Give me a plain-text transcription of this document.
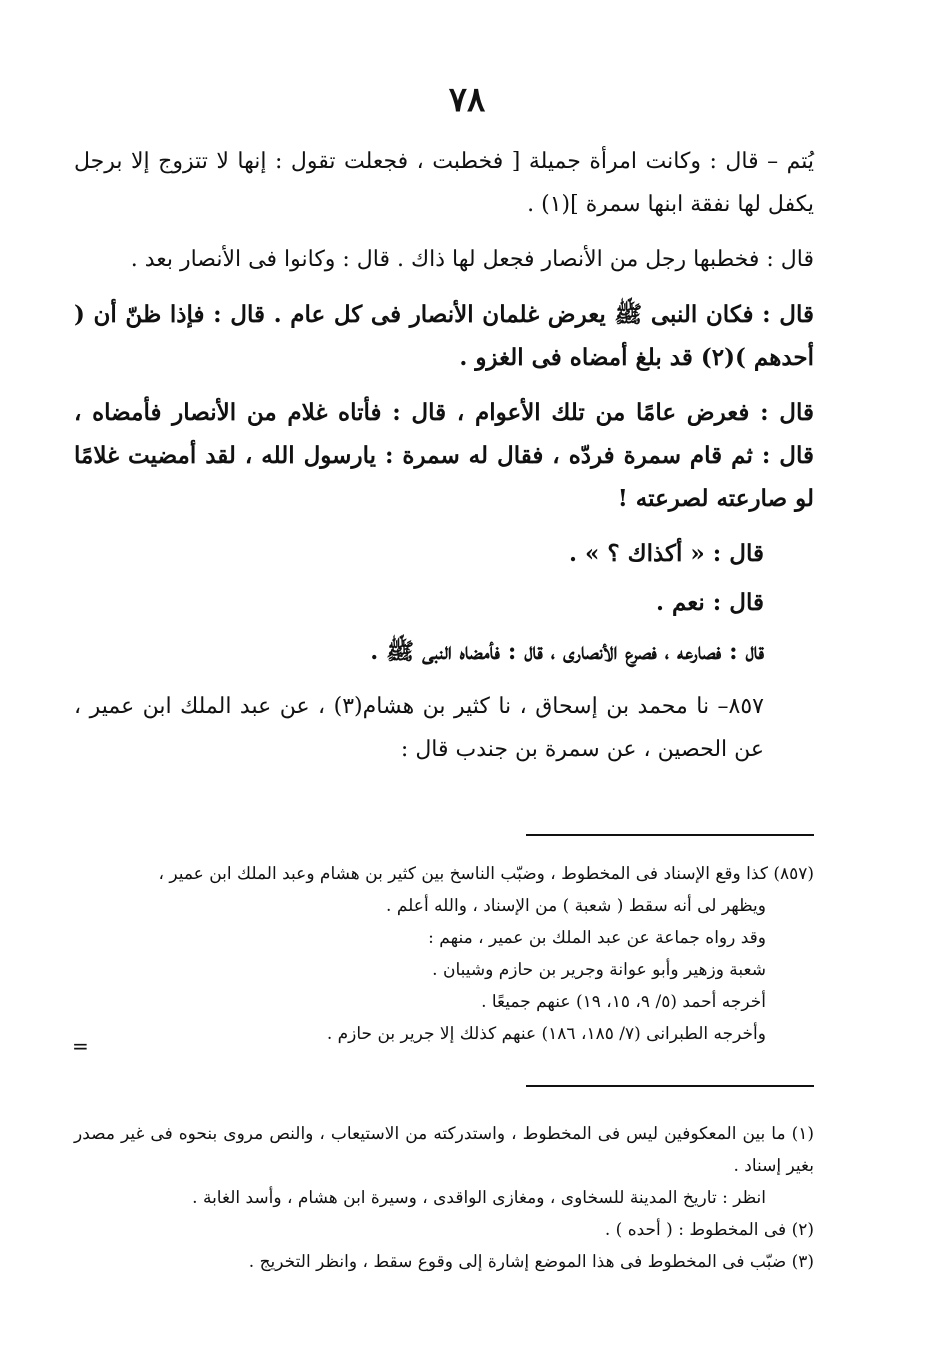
٧٨

يُتم – قال : وكانت امرأة جميلة [ فخطبت ، فجعلت تقول : إنها لا تتزوج إلا برجل يكفل لها نفقة ابنها سمرة ](١) .

قال : فخطبها رجل من الأنصار فجعل لها ذاك . قال : وكانوا فى الأنصار بعد .

قال : فكان النبى ﷺ يعرض غلمان الأنصار فى كل عام . قال : فإذا ظنّ أن ( أحدهم )(٢) قد بلغ أمضاه فى الغزو .

قال : فعرض عامًا من تلك الأعوام ، قال : فأتاه غلام من الأنصار فأمضاه ، قال : ثم قام سمرة فردّه ، فقال له سمرة : يارسول الله ، لقد أمضيت غلامًا لو صارعته لصرعته !

قال : « أكذاك ؟ » .

قال : نعم .

قال : فصارعه ، فصرع الأنصارى ، قال : فأمضاه النبى ﷺ .

٨٥٧– نا محمد بن إسحاق ، نا كثير بن هشام(٣) ، عن عبد الملك ابن عمير ، عن الحصين ، عن سمرة بن جندب قال :

(٨٥٧) كذا وقع الإسناد فى المخطوط ، وضبّب الناسخ بين كثير بن هشام وعبد الملك ابن عمير ،

ويظهر لى أنه سقط ( شعبة ) من الإسناد ، والله أعلم .

وقد رواه جماعة عن عبد الملك بن عمير ، منهم :

شعبة وزهير وأبو عوانة وجرير بن حازم وشيبان .

أخرجه أحمد (٥/ ٩، ١٥، ١٩) عنهم جميعًا .

وأخرجه الطبرانى (٧/ ١٨٥، ١٨٦) عنهم كذلك إلا جرير بن حازم .

=

(١) ما بين المعكوفين ليس فى المخطوط ، واستدركته من الاستيعاب ، والنص مروى بنحوه فى غير مصدر بغير إسناد .

انظر : تاريخ المدينة للسخاوى ، ومغازى الواقدى ، وسيرة ابن هشام ، وأسد الغابة .

(٢) فى المخطوط : ( أحده ) .

(٣) ضبّب فى المخطوط فى هذا الموضع إشارة إلى وقوع سقط ، وانظر التخريج .
